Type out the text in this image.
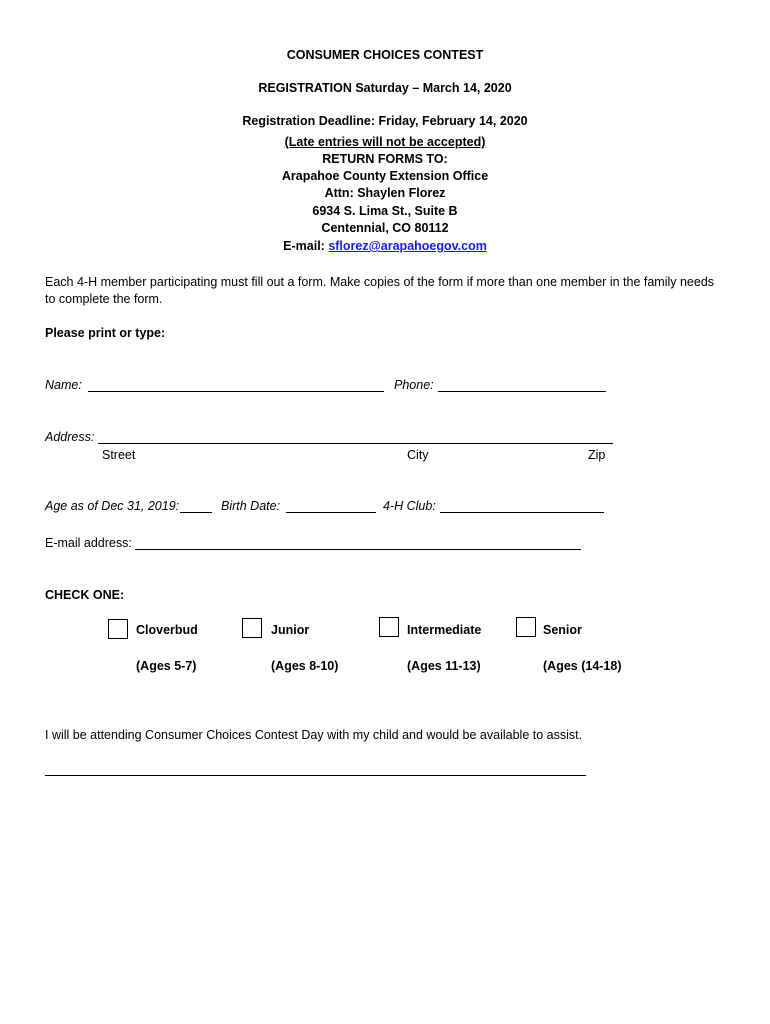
CONSUMER CHOICES CONTEST
REGISTRATION Saturday – March 14, 2020
Registration Deadline: Friday, February 14, 2020
(Late entries will not be accepted)
RETURN FORMS TO:
Arapahoe County Extension Office
Attn: Shaylen Florez
6934 S. Lima St., Suite B
Centennial, CO 80112
E-mail: sflorez@arapahoegov.com
Each 4-H member participating must fill out a form. Make copies of the form if more than one member in the family needs to complete the form.
Please print or type:
Name:	Phone:
Address:
Street	City	Zip
Age as of Dec 31, 2019:	Birth Date:	4-H Club:
E-mail address:
CHECK ONE:
Cloverbud
(Ages 5-7)
Junior
(Ages 8-10)
Intermediate
(Ages 11-13)
Senior
(Ages (14-18)
I will be attending Consumer Choices Contest Day with my child and would be available to assist.
